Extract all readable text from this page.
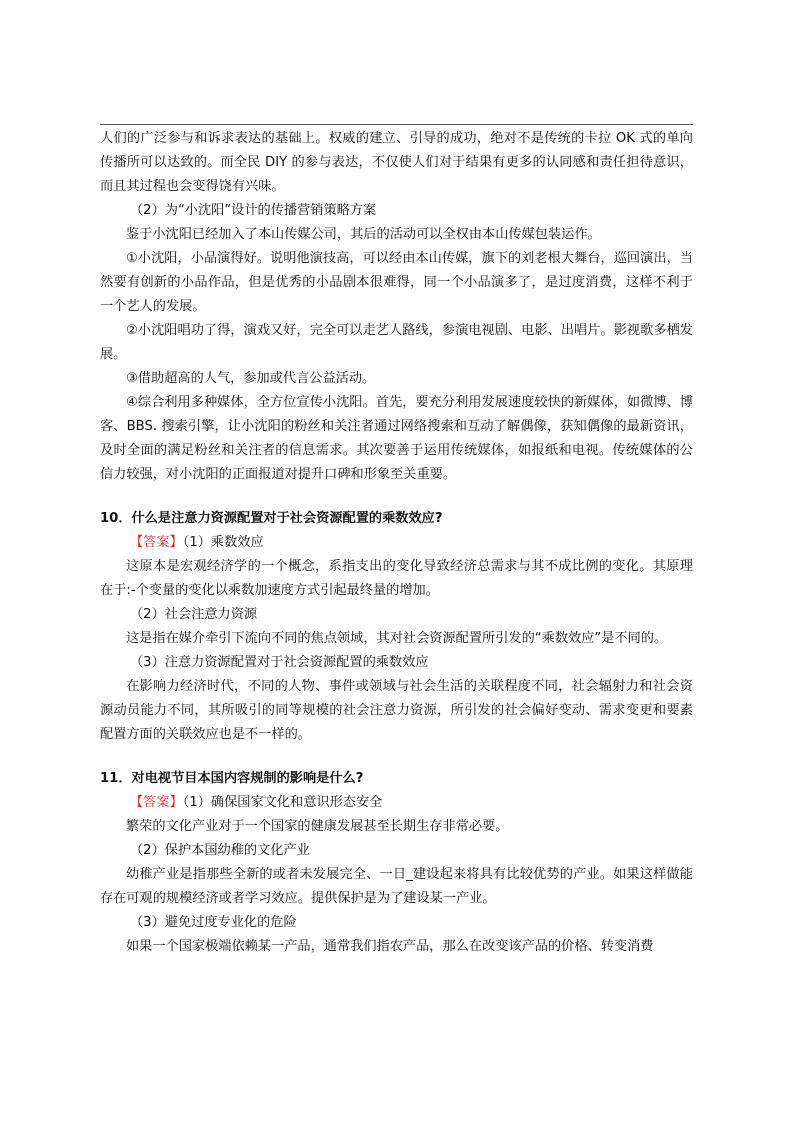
人们的广泛参与和诉求表达的基础上。权威的建立、引导的成功，绝对不是传统的卡拉 OK 式的单向传播所可以达致的。而全民 DIY 的参与表达，不仅使人们对于结果有更多的认同感和责任担待意识，而且其过程也会变得饶有兴味。

（2）为“小沈阳”设计的传播营销策略方案

鉴于小沈阳已经加入了本山传媒公司，其后的活动可以全权由本山传媒包装运作。

①小沈阳，小品演得好。说明他演技高，可以经由本山传媒，旗下的刘老根大舞台，巡回演出，当然要有创新的小品作品，但是优秀的小品剧本很难得，同一个小品演多了，是过度消费，这样不利于一个艺人的发展。

②小沈阳唱功了得，演戏又好，完全可以走艺人路线，参演电视剧、电影、出唱片。影视歌多栖发展。

③借助超高的人气，参加或代言公益活动。

④综合利用多种媒体，全方位宣传小沈阳。首先，要充分利用发展速度较快的新媒体，如微博、博客、BBS. 搜索引擎，让小沈阳的粉丝和关注者通过网络搜索和互动了解偶像，获知偶像的最新资讯，及时全面的满足粉丝和关注者的信息需求。其次要善于运用传统媒体，如报纸和电视。传统媒体的公信力较强，对小沈阳的正面报道对提升口碑和形象至关重要。

10．什么是注意力资源配置对于社会资源配置的乘数效应?

【答案】（1）乘数效应

这原本是宏观经济学的一个概念，系指支出的变化导致经济总需求与其不成比例的变化。其原理在于:-个变量的变化以乘数加速度方式引起最终量的增加。

（2）社会注意力资源

这是指在媒介牵引下流向不同的焦点领域，其对社会资源配置所引发的“乘数效应”是不同的。

（3）注意力资源配置对于社会资源配置的乘数效应

在影响力经济时代，不同的人物、事件或领域与社会生活的关联程度不同，社会辐射力和社会资源动员能力不同，其所吸引的同等规模的社会注意力资源，所引发的社会偏好变动、需求变更和要素配置方面的关联效应也是不一样的。

11．对电视节目本国内容规制的影响是什么?

【答案】（1）确保国家文化和意识形态安全

繁荣的文化产业对于一个国家的健康发展甚至长期生存非常必要。

（2）保护本国幼稚的文化产业

幼稚产业是指那些全新的或者未发展完全、一日_建设起来将具有比较优势的产业。如果这样做能存在可观的规模经济或者学习效应。提供保护是为了建设某一产业。

（3）避免过度专业化的危险

如果一个国家极端依赖某一产品，通常我们指农产品，那么在改变该产品的价格、转变消费
